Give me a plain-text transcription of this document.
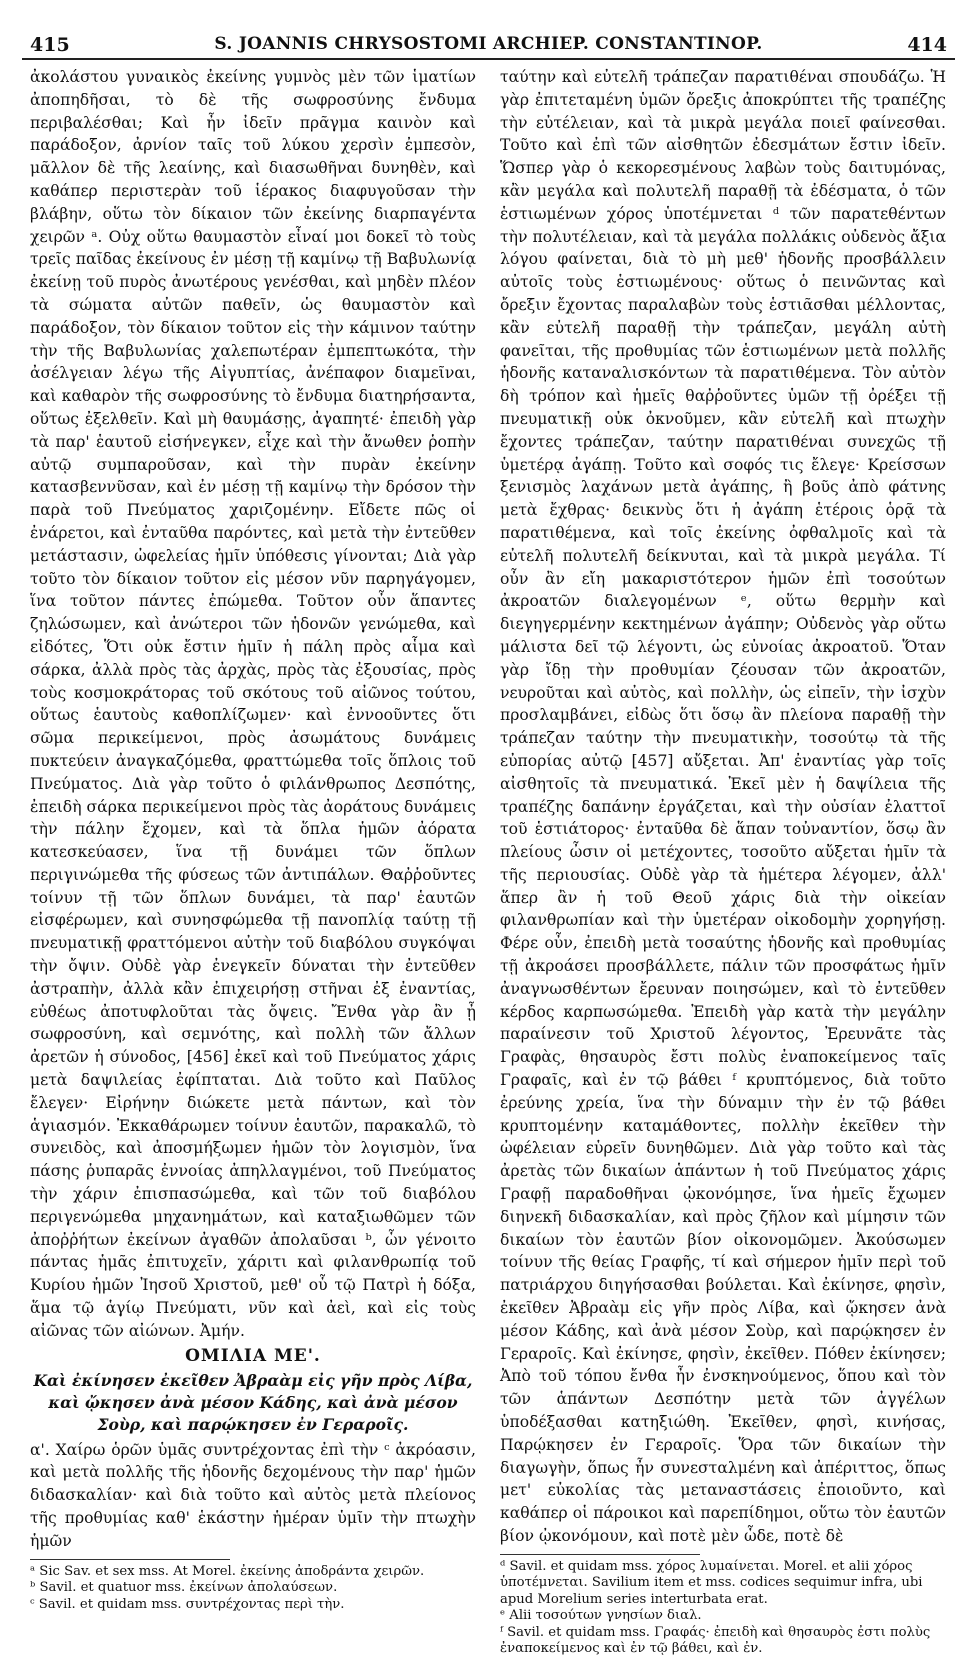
415	S. JOANNIS CHRYSOSTOMI ARCHIEP. CONSTANTINOP.	414

ἀκολάστου γυναικὸς ἐκείνης γυμνὸς μὲν τῶν ἱματίων ἀποπηδῆσαι, τὸ δὲ τῆς σωφροσύνης ἔνδυμα περιβαλέσθαι; Καὶ ἦν ἰδεῖν πρᾶγμα καινὸν καὶ παράδοξον, ἀρνίον ταῖς τοῦ λύκου χερσὶν ἐμπεσὸν, μᾶλλον δὲ τῆς λεαίνης, καὶ διασωθῆναι δυνηθὲν, καὶ καθάπερ περιστερὰν τοῦ ἱέρακος διαφυγοῦσαν τὴν βλάβην, οὕτω τὸν δίκαιον τῶν ἐκείνης διαρπαγέντα χειρῶν ᵃ. Οὐχ οὕτω θαυμαστὸν εἶναί μοι δοκεῖ τὸ τοὺς τρεῖς παῖδας ἐκείνους ἐν μέσῃ τῇ καμίνῳ τῇ Βαβυλωνίᾳ ἐκείνῃ τοῦ πυρὸς ἀνωτέρους γενέσθαι, καὶ μηδὲν πλέον τὰ σώματα αὐτῶν παθεῖν, ὡς θαυμαστὸν καὶ παράδοξον, τὸν δίκαιον τοῦτον εἰς τὴν κάμινον ταύτην τὴν τῆς Βαβυλωνίας χαλεπωτέραν ἐμπεπτωκότα, τὴν ἀσέλγειαν λέγω τῆς Αἰγυπτίας, ἀνέπαφον διαμεῖναι, καὶ καθαρὸν τῆς σωφροσύνης τὸ ἔνδυμα διατηρήσαντα, οὕτως ἐξελθεῖν. Καὶ μὴ θαυμάσῃς, ἀγαπητέ· ἐπειδὴ γὰρ τὰ παρ' ἑαυτοῦ εἰσήνεγκεν, εἶχε καὶ τὴν ἄνωθεν ῥοπὴν αὐτῷ συμπαροῦσαν, καὶ τὴν πυρὰν ἐκείνην κατασβεννῦσαν, καὶ ἐν μέσῃ τῇ καμίνῳ τὴν δρόσον τὴν παρὰ τοῦ Πνεύματος χαριζομένην. Εἴδετε πῶς οἱ ἐνάρετοι, καὶ ἐνταῦθα παρόντες, καὶ μετὰ τὴν ἐντεῦθεν μετάστασιν, ὠφελείας ἡμῖν ὑπόθεσις γίνονται; Διὰ γὰρ τοῦτο τὸν δίκαιον τοῦτον εἰς μέσον νῦν παρηγάγομεν, ἵνα τοῦτον πάντες ἐπώμεθα. Τοῦτον οὖν ἅπαντες ζηλώσωμεν, καὶ ἀνώτεροι τῶν ἡδονῶν γενώμεθα, καὶ εἰδότες, Ὅτι οὐκ ἔστιν ἡμῖν ἡ πάλη πρὸς αἷμα καὶ σάρκα, ἀλλὰ πρὸς τὰς ἀρχὰς, πρὸς τὰς ἐξουσίας, πρὸς τοὺς κοσμοκράτορας τοῦ σκότους τοῦ αἰῶνος τούτου, οὕτως ἑαυτοὺς καθοπλίζωμεν· καὶ ἐννοοῦντες ὅτι σῶμα περικείμενοι, πρὸς ἀσωμάτους δυνάμεις πυκτεύειν ἀναγκαζόμεθα, φραττώμεθα τοῖς ὅπλοις τοῦ Πνεύματος. Διὰ γὰρ τοῦτο ὁ φιλάνθρωπος Δεσπότης, ἐπειδὴ σάρκα περικείμενοι πρὸς τὰς ἀοράτους δυνάμεις τὴν πάλην ἔχομεν, καὶ τὰ ὅπλα ἡμῶν ἀόρατα κατεσκεύασεν, ἵνα τῇ δυνάμει τῶν ὅπλων περιγινώμεθα τῆς φύσεως τῶν ἀντιπάλων. Θαῤῥοῦντες τοίνυν τῇ τῶν ὅπλων δυνάμει, τὰ παρ' ἑαυτῶν εἰσφέρωμεν, καὶ συνησφώμεθα τῇ πανοπλίᾳ ταύτῃ τῇ πνευματικῇ φραττόμενοι αὐτὴν τοῦ διαβόλου συγκόψαι τὴν ὄψιν. Οὐδὲ γὰρ ἐνεγκεῖν δύναται τὴν ἐντεῦθεν ἀστραπὴν, ἀλλὰ κἂν ἐπιχειρήσῃ στῆναι ἐξ ἐναντίας, εὐθέως ἀποτυφλοῦται τὰς ὄψεις. Ἔνθα γὰρ ἂν ᾖ σωφροσύνη, καὶ σεμνότης, καὶ πολλὴ τῶν ἄλλων ἀρετῶν ἡ σύνοδος, [456] ἐκεῖ καὶ τοῦ Πνεύματος χάρις μετὰ δαψιλείας ἐφίπταται. Διὰ τοῦτο καὶ Παῦλος ἔλεγεν· Εἰρήνην διώκετε μετὰ πάντων, καὶ τὸν ἁγιασμόν. Ἐκκαθάρωμεν τοίνυν ἑαυτῶν, παρακαλῶ, τὸ συνειδὸς, καὶ ἀποσμήξωμεν ἡμῶν τὸν λογισμὸν, ἵνα πάσης ῥυπαρᾶς ἐννοίας ἀπηλλαγμένοι, τοῦ Πνεύματος τὴν χάριν ἐπισπασώμεθα, καὶ τῶν τοῦ διαβόλου περιγενώμεθα μηχανημάτων, καὶ καταξιωθῶμεν τῶν ἀποῤῥήτων ἐκείνων ἀγαθῶν ἀπολαῦσαι ᵇ, ὧν γένοιτο πάντας ἡμᾶς ἐπιτυχεῖν, χάριτι καὶ φιλανθρωπίᾳ τοῦ Κυρίου ἡμῶν Ἰησοῦ Χριστοῦ, μεθ' οὗ τῷ Πατρὶ ἡ δόξα, ἅμα τῷ ἁγίῳ Πνεύματι, νῦν καὶ ἀεὶ, καὶ εἰς τοὺς αἰῶνας τῶν αἰώνων. Ἀμήν.

ΟΜΙΛΙΑ ΜΕ'.

Καὶ ἐκίνησεν ἐκεῖθεν Ἀβραὰμ εἰς γῆν πρὸς Λίβα, καὶ ᾤκησεν ἀνὰ μέσον Κάδης, καὶ ἀνὰ μέσον Σοὺρ, καὶ παρῴκησεν ἐν Γεραροῖς.

α'. Χαίρω ὁρῶν ὑμᾶς συντρέχοντας ἐπὶ τὴν ᶜ ἀκρόασιν, καὶ μετὰ πολλῆς τῆς ἡδονῆς δεχομένους τὴν παρ' ἡμῶν διδασκαλίαν· καὶ διὰ τοῦτο καὶ αὐτὸς μετὰ πλείονος τῆς προθυμίας καθ' ἑκάστην ἡμέραν ὑμῖν τὴν πτωχὴν ἡμῶν

ᵃ Sic Sav. et sex mss. At Morel. ἐκείνης ἀποδράντα χειρῶν.

ᵇ Savil. et quatuor mss. ἐκείνων ἀπολαύσεων.

ᶜ Savil. et quidam mss. συντρέχοντας περὶ τὴν.

ταύτην καὶ εὐτελῆ τράπεζαν παρατιθέναι σπουδάζω. Ἡ γὰρ ἐπιτεταμένη ὑμῶν ὄρεξις ἀποκρύπτει τῆς τραπέζης τὴν εὐτέλειαν, καὶ τὰ μικρὰ μεγάλα ποιεῖ φαίνεσθαι. Τοῦτο καὶ ἐπὶ τῶν αἰσθητῶν ἐδεσμάτων ἔστιν ἰδεῖν. Ὥσπερ γὰρ ὁ κεκορεσμένους λαβὼν τοὺς δαιτυμόνας, κἂν μεγάλα καὶ πολυτελῆ παραθῇ τὰ ἐδέσματα, ὁ τῶν ἑστιωμένων χόρος ὑποτέμνεται ᵈ τῶν παρατεθέντων τὴν πολυτέλειαν, καὶ τὰ μεγάλα πολλάκις οὐδενὸς ἄξια λόγου φαίνεται, διὰ τὸ μὴ μεθ' ἡδονῆς προσβάλλειν αὐτοῖς τοὺς ἑστιωμένους· οὕτως ὁ πεινῶντας καὶ ὄρεξιν ἔχοντας παραλαβὼν τοὺς ἑστιᾶσθαι μέλλοντας, κἂν εὐτελῆ παραθῇ τὴν τράπεζαν, μεγάλη αὐτὴ φανεῖται, τῆς προθυμίας τῶν ἑστιωμένων μετὰ πολλῆς ἡδονῆς καταναλισκόντων τὰ παρατιθέμενα. Τὸν αὐτὸν δὴ τρόπον καὶ ἡμεῖς θαῤῥοῦντες ὑμῶν τῇ ὀρέξει τῇ πνευματικῇ οὐκ ὀκνοῦμεν, κἂν εὐτελῆ καὶ πτωχὴν ἔχοντες τράπεζαν, ταύτην παρατιθέναι συνεχῶς τῇ ὑμετέρᾳ ἀγάπῃ. Τοῦτο καὶ σοφός τις ἔλεγε· Κρείσσων ξενισμὸς λαχάνων μετὰ ἀγάπης, ἢ βοῦς ἀπὸ φάτνης μετὰ ἔχθρας· δεικνὺς ὅτι ἡ ἀγάπη ἑτέροις ὁρᾷ τὰ παρατιθέμενα, καὶ τοῖς ἐκείνης ὀφθαλμοῖς καὶ τὰ εὐτελῆ πολυτελῆ δείκνυται, καὶ τὰ μικρὰ μεγάλα. Τί οὖν ἂν εἴη μακαριστότερον ἡμῶν ἐπὶ τοσούτων ἀκροατῶν διαλεγομένων ᵉ, οὕτω θερμὴν καὶ διεγηγερμένην κεκτημένων ἀγάπην; Οὐδενὸς γὰρ οὕτω μάλιστα δεῖ τῷ λέγοντι, ὡς εὐνοίας ἀκροατοῦ. Ὅταν γὰρ ἴδῃ τὴν προθυμίαν ζέουσαν τῶν ἀκροατῶν, νευροῦται καὶ αὐτὸς, καὶ πολλὴν, ὡς εἰπεῖν, τὴν ἰσχὺν προσλαμβάνει, εἰδὼς ὅτι ὅσῳ ἂν πλείονα παραθῇ τὴν τράπεζαν ταύτην τὴν πνευματικὴν, τοσούτῳ τὰ τῆς εὐπορίας αὐτῷ [457] αὔξεται. Ἀπ' ἐναντίας γὰρ τοῖς αἰσθητοῖς τὰ πνευματικά. Ἐκεῖ μὲν ἡ δαψίλεια τῆς τραπέζης δαπάνην ἐργάζεται, καὶ τὴν οὐσίαν ἐλαττοῖ τοῦ ἑστιάτορος· ἐνταῦθα δὲ ἅπαν τοὐναντίον, ὅσῳ ἂν πλείους ὦσιν οἱ μετέχοντες, τοσοῦτο αὔξεται ἡμῖν τὰ τῆς περιουσίας. Οὐδὲ γὰρ τὰ ἡμέτερα λέγομεν, ἀλλ' ἅπερ ἂν ἡ τοῦ Θεοῦ χάρις διὰ τὴν οἰκείαν φιλανθρωπίαν καὶ τὴν ὑμετέραν οἰκοδομὴν χορηγήσῃ. Φέρε οὖν, ἐπειδὴ μετὰ τοσαύτης ἡδονῆς καὶ προθυμίας τῇ ἀκροάσει προσβάλλετε, πάλιν τῶν προσφάτως ἡμῖν ἀναγνωσθέντων ἔρευναν ποιησώμεν, καὶ τὸ ἐντεῦθεν κέρδος καρπωσώμεθα. Ἐπειδὴ γὰρ κατὰ τὴν μεγάλην παραίνεσιν τοῦ Χριστοῦ λέγοντος, Ἐρευνᾶτε τὰς Γραφὰς, θησαυρὸς ἔστι πολὺς ἐναποκείμενος ταῖς Γραφαῖς, καὶ ἐν τῷ βάθει ᶠ κρυπτόμενος, διὰ τοῦτο ἐρεύνης χρεία, ἵνα τὴν δύναμιν τὴν ἐν τῷ βάθει κρυπτομένην καταμάθοντες, πολλὴν ἐκεῖθεν τὴν ὠφέλειαν εὑρεῖν δυνηθῶμεν. Διὰ γὰρ τοῦτο καὶ τὰς ἀρετὰς τῶν δικαίων ἁπάντων ἡ τοῦ Πνεύματος χάρις Γραφῇ παραδοθῆναι ᾠκονόμησε, ἵνα ἡμεῖς ἔχωμεν διηνεκῆ διδασκαλίαν, καὶ πρὸς ζῆλον καὶ μίμησιν τῶν δικαίων τὸν ἑαυτῶν βίον οἰκονομῶμεν. Ἀκούσωμεν τοίνυν τῆς θείας Γραφῆς, τί καὶ σήμερον ἡμῖν περὶ τοῦ πατριάρχου διηγήσασθαι βούλεται. Καὶ ἐκίνησε, φησὶν, ἐκεῖθεν Ἀβραὰμ εἰς γῆν πρὸς Λίβα, καὶ ᾤκησεν ἀνὰ μέσον Κάδης, καὶ ἀνὰ μέσον Σοὺρ, καὶ παρῴκησεν ἐν Γεραροῖς. Καὶ ἐκίνησε, φησὶν, ἐκεῖθεν. Πόθεν ἐκίνησεν; Ἀπὸ τοῦ τόπου ἔνθα ἦν ἐνσκηνούμενος, ὅπου καὶ τὸν τῶν ἁπάντων Δεσπότην μετὰ τῶν ἀγγέλων ὑποδέξασθαι κατηξιώθη. Ἐκεῖθεν, φησὶ, κινήσας, Παρῴκησεν ἐν Γεραροῖς. Ὅρα τῶν δικαίων τὴν διαγωγὴν, ὅπως ἦν συνεσταλμένη καὶ ἀπέριττος, ὅπως μετ' εὐκολίας τὰς μεταναστάσεις ἐποιοῦντο, καὶ καθάπερ οἱ πάροικοι καὶ παρεπίδημοι, οὕτω τὸν ἑαυτῶν βίον ᾠκονόμουν, καὶ ποτὲ μὲν ὧδε, ποτὲ δὲ

ᵈ Savil. et quidam mss. χόρος λυμαίνεται. Morel. et alii χόρος ὑποτέμνεται. Savilium item et mss. codices sequimur infra, ubi apud Morelium series interturbata erat.

ᵉ Alii τοσούτων γνησίων διαλ.

ᶠ Savil. et quidam mss. Γραφάς· ἐπειδὴ καὶ θησαυρὸς ἐστι πολὺς ἐναποκείμενος καὶ ἐν τῷ βάθει, καὶ ἐν.
